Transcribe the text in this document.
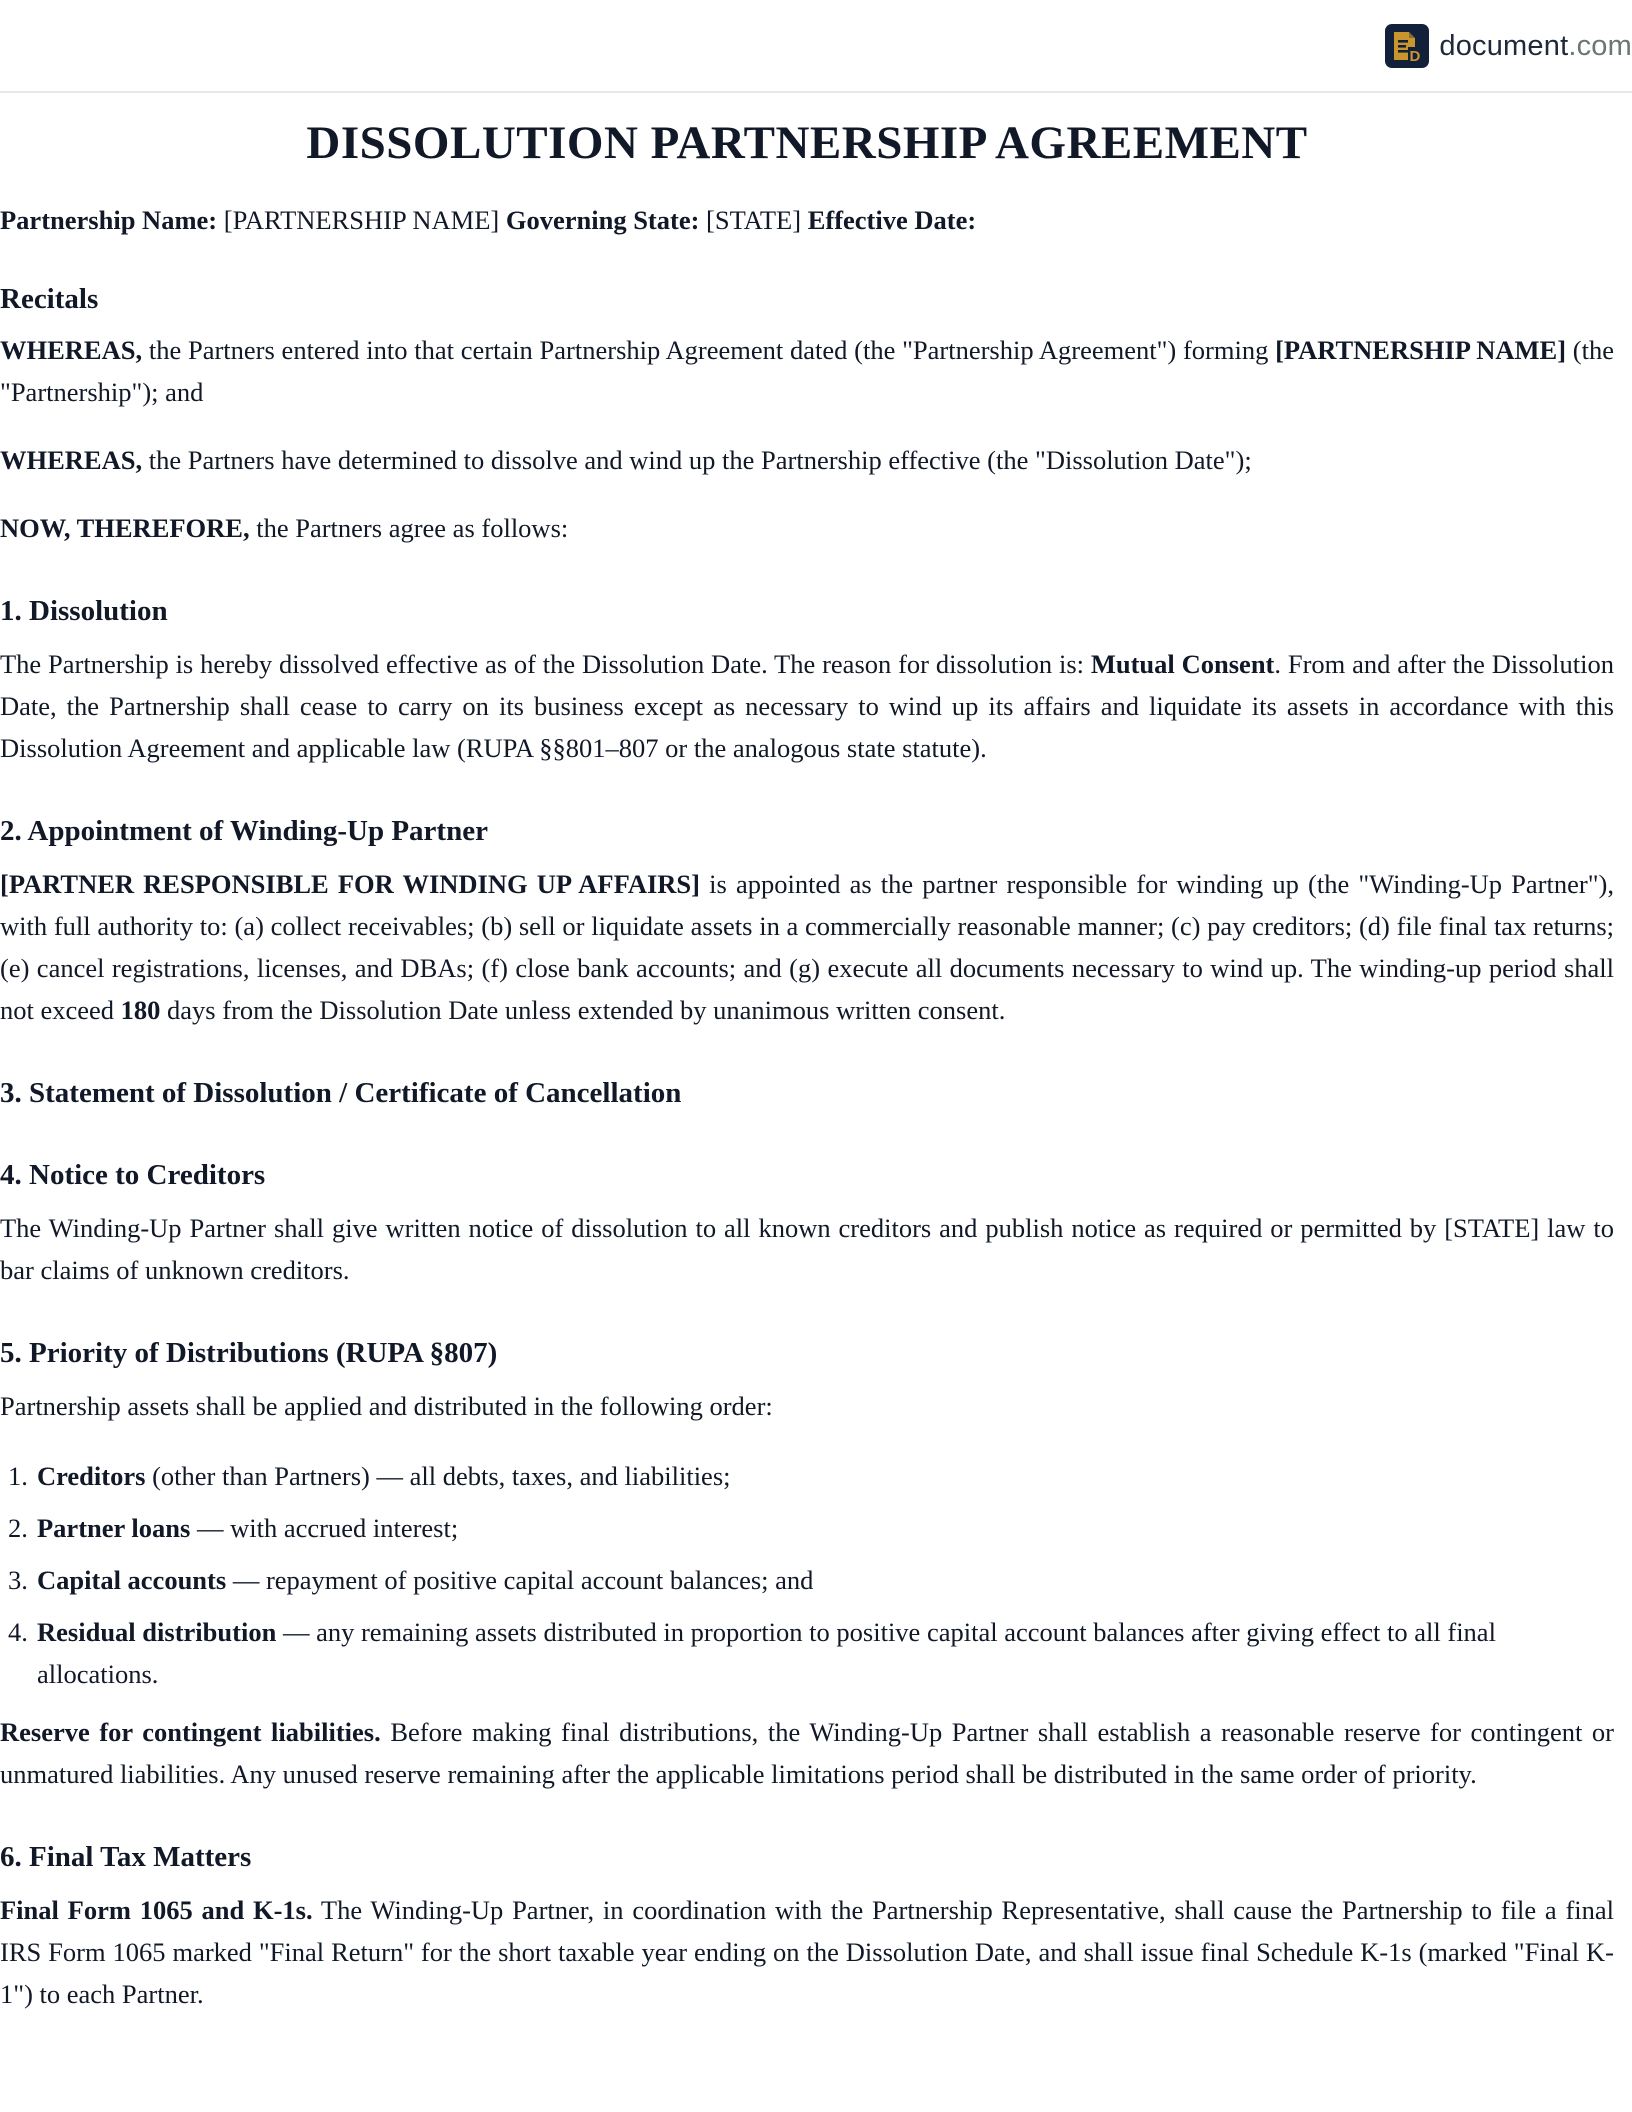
D document.com
DISSOLUTION PARTNERSHIP AGREEMENT

Partnership Name: [PARTNERSHIP NAME] Governing State: [STATE] Effective Date:

Recitals

WHEREAS, the Partners entered into that certain Partnership Agreement dated (the "Partnership Agreement") forming [PARTNERSHIP NAME] (the "Partnership"); and

WHEREAS, the Partners have determined to dissolve and wind up the Partnership effective (the "Dissolution Date");

NOW, THEREFORE, the Partners agree as follows:

1. Dissolution

The Partnership is hereby dissolved effective as of the Dissolution Date. The reason for dissolution is: Mutual Consent. From and after the Dissolution Date, the Partnership shall cease to carry on its business except as necessary to wind up its affairs and liquidate its assets in accordance with this Dissolution Agreement and applicable law (RUPA §§801–807 or the analogous state statute).

2. Appointment of Winding-Up Partner

[PARTNER RESPONSIBLE FOR WINDING UP AFFAIRS] is appointed as the partner responsible for winding up (the "Winding-Up Partner"), with full authority to: (a) collect receivables; (b) sell or liquidate assets in a commercially reasonable manner; (c) pay creditors; (d) file final tax returns; (e) cancel registrations, licenses, and DBAs; (f) close bank accounts; and (g) execute all documents necessary to wind up. The winding-up period shall not exceed 180 days from the Dissolution Date unless extended by unanimous written consent.

3. Statement of Dissolution / Certificate of Cancellation
4. Notice to Creditors

The Winding-Up Partner shall give written notice of dissolution to all known creditors and publish notice as required or permitted by [STATE] law to bar claims of unknown creditors.

5. Priority of Distributions (RUPA §807)

Partnership assets shall be applied and distributed in the following order:

1. Creditors (other than Partners) — all debts, taxes, and liabilities;
2. Partner loans — with accrued interest;
3. Capital accounts — repayment of positive capital account balances; and
4. Residual distribution — any remaining assets distributed in proportion to positive capital account balances after giving effect to all final allocations.

Reserve for contingent liabilities. Before making final distributions, the Winding-Up Partner shall establish a reasonable reserve for contingent or unmatured liabilities. Any unused reserve remaining after the applicable limitations period shall be distributed in the same order of priority.

6. Final Tax Matters

Final Form 1065 and K-1s. The Winding-Up Partner, in coordination with the Partnership Representative, shall cause the Partnership to file a final IRS Form 1065 marked "Final Return" for the short taxable year ending on the Dissolution Date, and shall issue final Schedule K-1s (marked "Final K-1") to each Partner.
